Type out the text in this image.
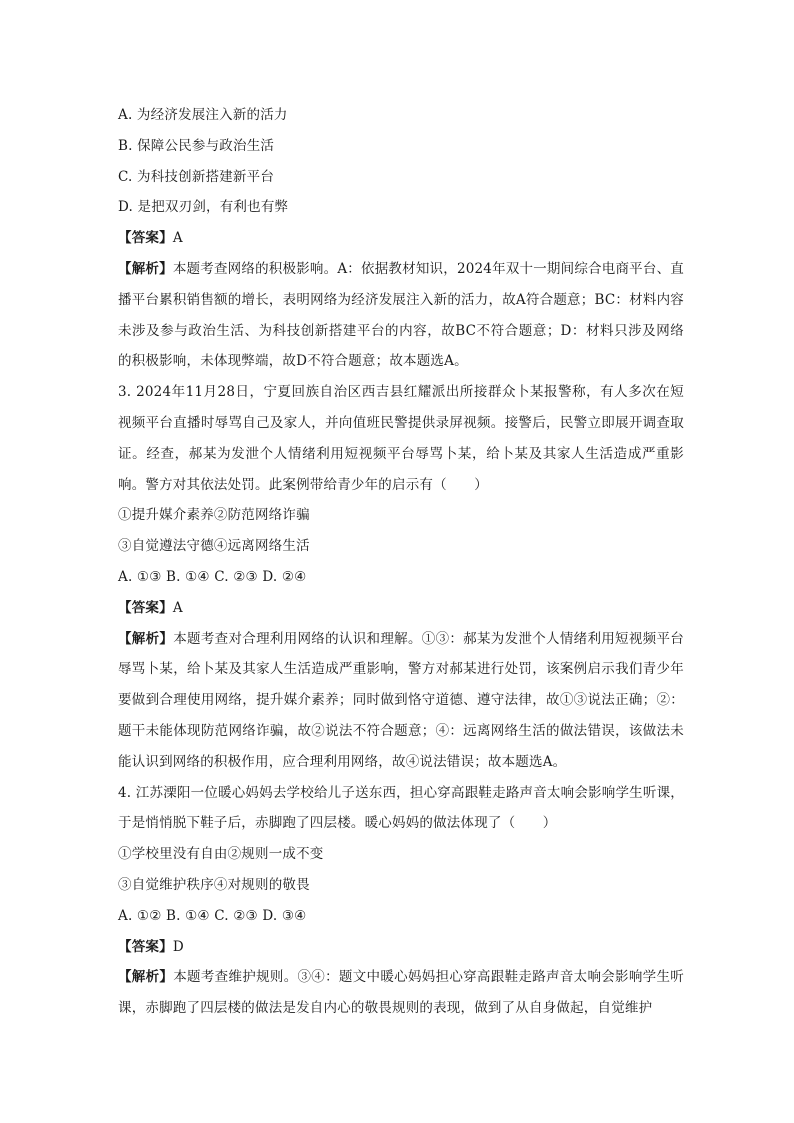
A. 为经济发展注入新的活力
B. 保障公民参与政治生活
C. 为科技创新搭建新平台
D. 是把双刃剑，有利也有弊
【答案】A
【解析】本题考查网络的积极影响。A：依据教材知识，2024年双十一期间综合电商平台、直播平台累积销售额的增长，表明网络为经济发展注入新的活力，故A符合题意；BC：材料内容未涉及参与政治生活、为科技创新搭建平台的内容，故BC不符合题意；D：材料只涉及网络的积极影响，未体现弊端，故D不符合题意；故本题选A。
3. 2024年11月28日，宁夏回族自治区西吉县红耀派出所接群众卜某报警称，有人多次在短视频平台直播时辱骂自己及家人，并向值班民警提供录屏视频。接警后，民警立即展开调查取证。经查，郝某为发泄个人情绪利用短视频平台辱骂卜某，给卜某及其家人生活造成严重影响。警方对其依法处罚。此案例带给青少年的启示有（　　）
①提升媒介素养②防范网络诈骗
③自觉遵法守德④远离网络生活
A. ①③ B. ①④ C. ②③ D. ②④
【答案】A
【解析】本题考查对合理利用网络的认识和理解。①③：郝某为发泄个人情绪利用短视频平台辱骂卜某，给卜某及其家人生活造成严重影响，警方对郝某进行处罚，该案例启示我们青少年要做到合理使用网络，提升媒介素养；同时做到恪守道德、遵守法律，故①③说法正确；②：题干未能体现防范网络诈骗，故②说法不符合题意；④：远离网络生活的做法错误，该做法未能认识到网络的积极作用，应合理利用网络，故④说法错误；故本题选A。
4. 江苏溧阳一位暖心妈妈去学校给儿子送东西，担心穿高跟鞋走路声音太响会影响学生听课，于是悄悄脱下鞋子后，赤脚跑了四层楼。暖心妈妈的做法体现了（　　）
①学校里没有自由②规则一成不变
③自觉维护秩序④对规则的敬畏
A. ①② B. ①④ C. ②③ D. ③④
【答案】D
【解析】本题考查维护规则。③④：题文中暖心妈妈担心穿高跟鞋走路声音太响会影响学生听课，赤脚跑了四层楼的做法是发自内心的敬畏规则的表现，做到了从自身做起，自觉维护
